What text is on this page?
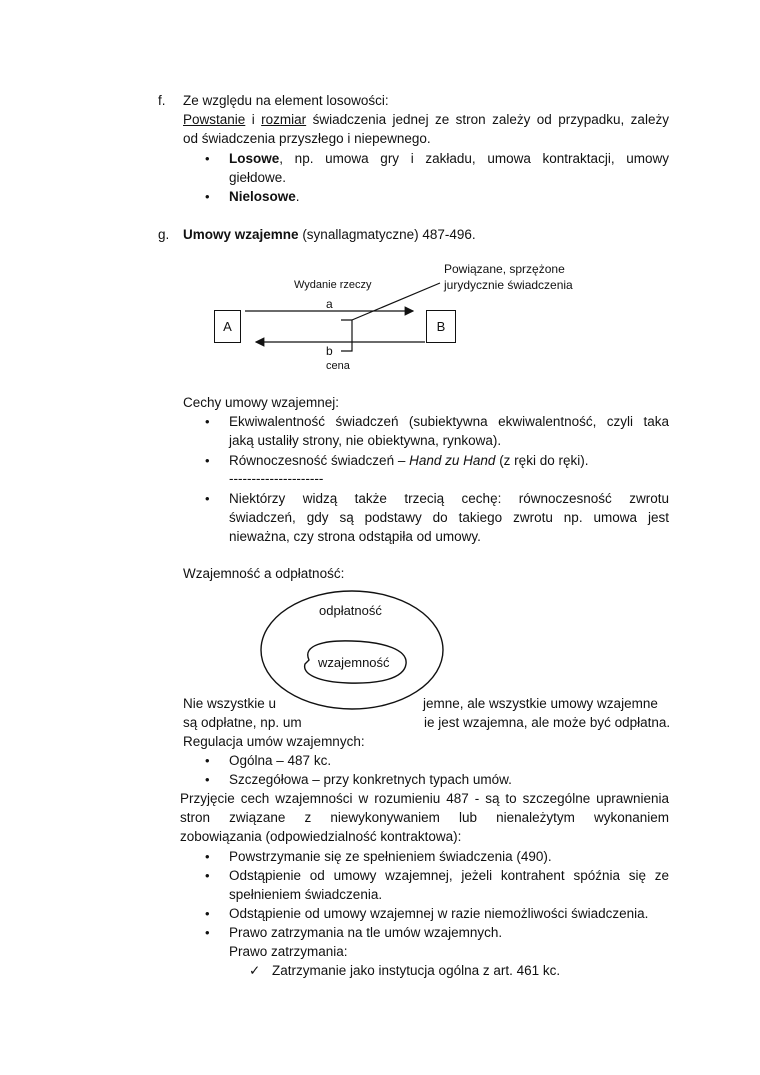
f. Ze względu na element losowości:
Powstanie i rozmiar świadczenia jednej ze stron zależy od przypadku, zależy
od świadczenia przyszłego i niepewnego.
• Losowe, np. umowa gry i zakładu, umowa kontraktacji, umowy
giełdowe.
• Nielosowe.
g. Umowy wzajemne (synallagmatyczne) 487-496.
A	B
Wydanie rzeczy
a
b
cena
Powiązane, sprzężone
jurydycznie świadczenia
Cechy umowy wzajemnej:
• Ekwiwalentność świadczeń (subiektywna ekwiwalentność, czyli taka
jaką ustaliły strony, nie obiektywna, rynkowa).
• Równoczesność świadczeń – Hand zu Hand (z ręki do ręki).
---------------------
• Niektórzy widzą także trzecią cechę: równoczesność zwrotu
świadczeń, gdy są podstawy do takiego zwrotu np. umowa jest
nieważna, czy strona odstąpiła od umowy.
Wzajemność a odpłatność:
odpłatność
wzajemność
Nie wszystkie u	jemne, ale wszystkie umowy wzajemne
są odpłatne, np. um	ie jest wzajemna, ale może być odpłatna.
Regulacja umów wzajemnych:
• Ogólna – 487 kc.
• Szczegółowa – przy konkretnych typach umów.
Przyjęcie cech wzajemności w rozumieniu 487 - są to szczególne uprawnienia
stron związane z niewykonywaniem lub nienależytym wykonaniem
zobowiązania (odpowiedzialność kontraktowa):
• Powstrzymanie się ze spełnieniem świadczenia (490).
• Odstąpienie od umowy wzajemnej, jeżeli kontrahent spóźnia się ze
spełnieniem świadczenia.
• Odstąpienie od umowy wzajemnej w razie niemożliwości świadczenia.
• Prawo zatrzymania na tle umów wzajemnych.
Prawo zatrzymania:
✓ Zatrzymanie jako instytucja ogólna z art. 461 kc.
